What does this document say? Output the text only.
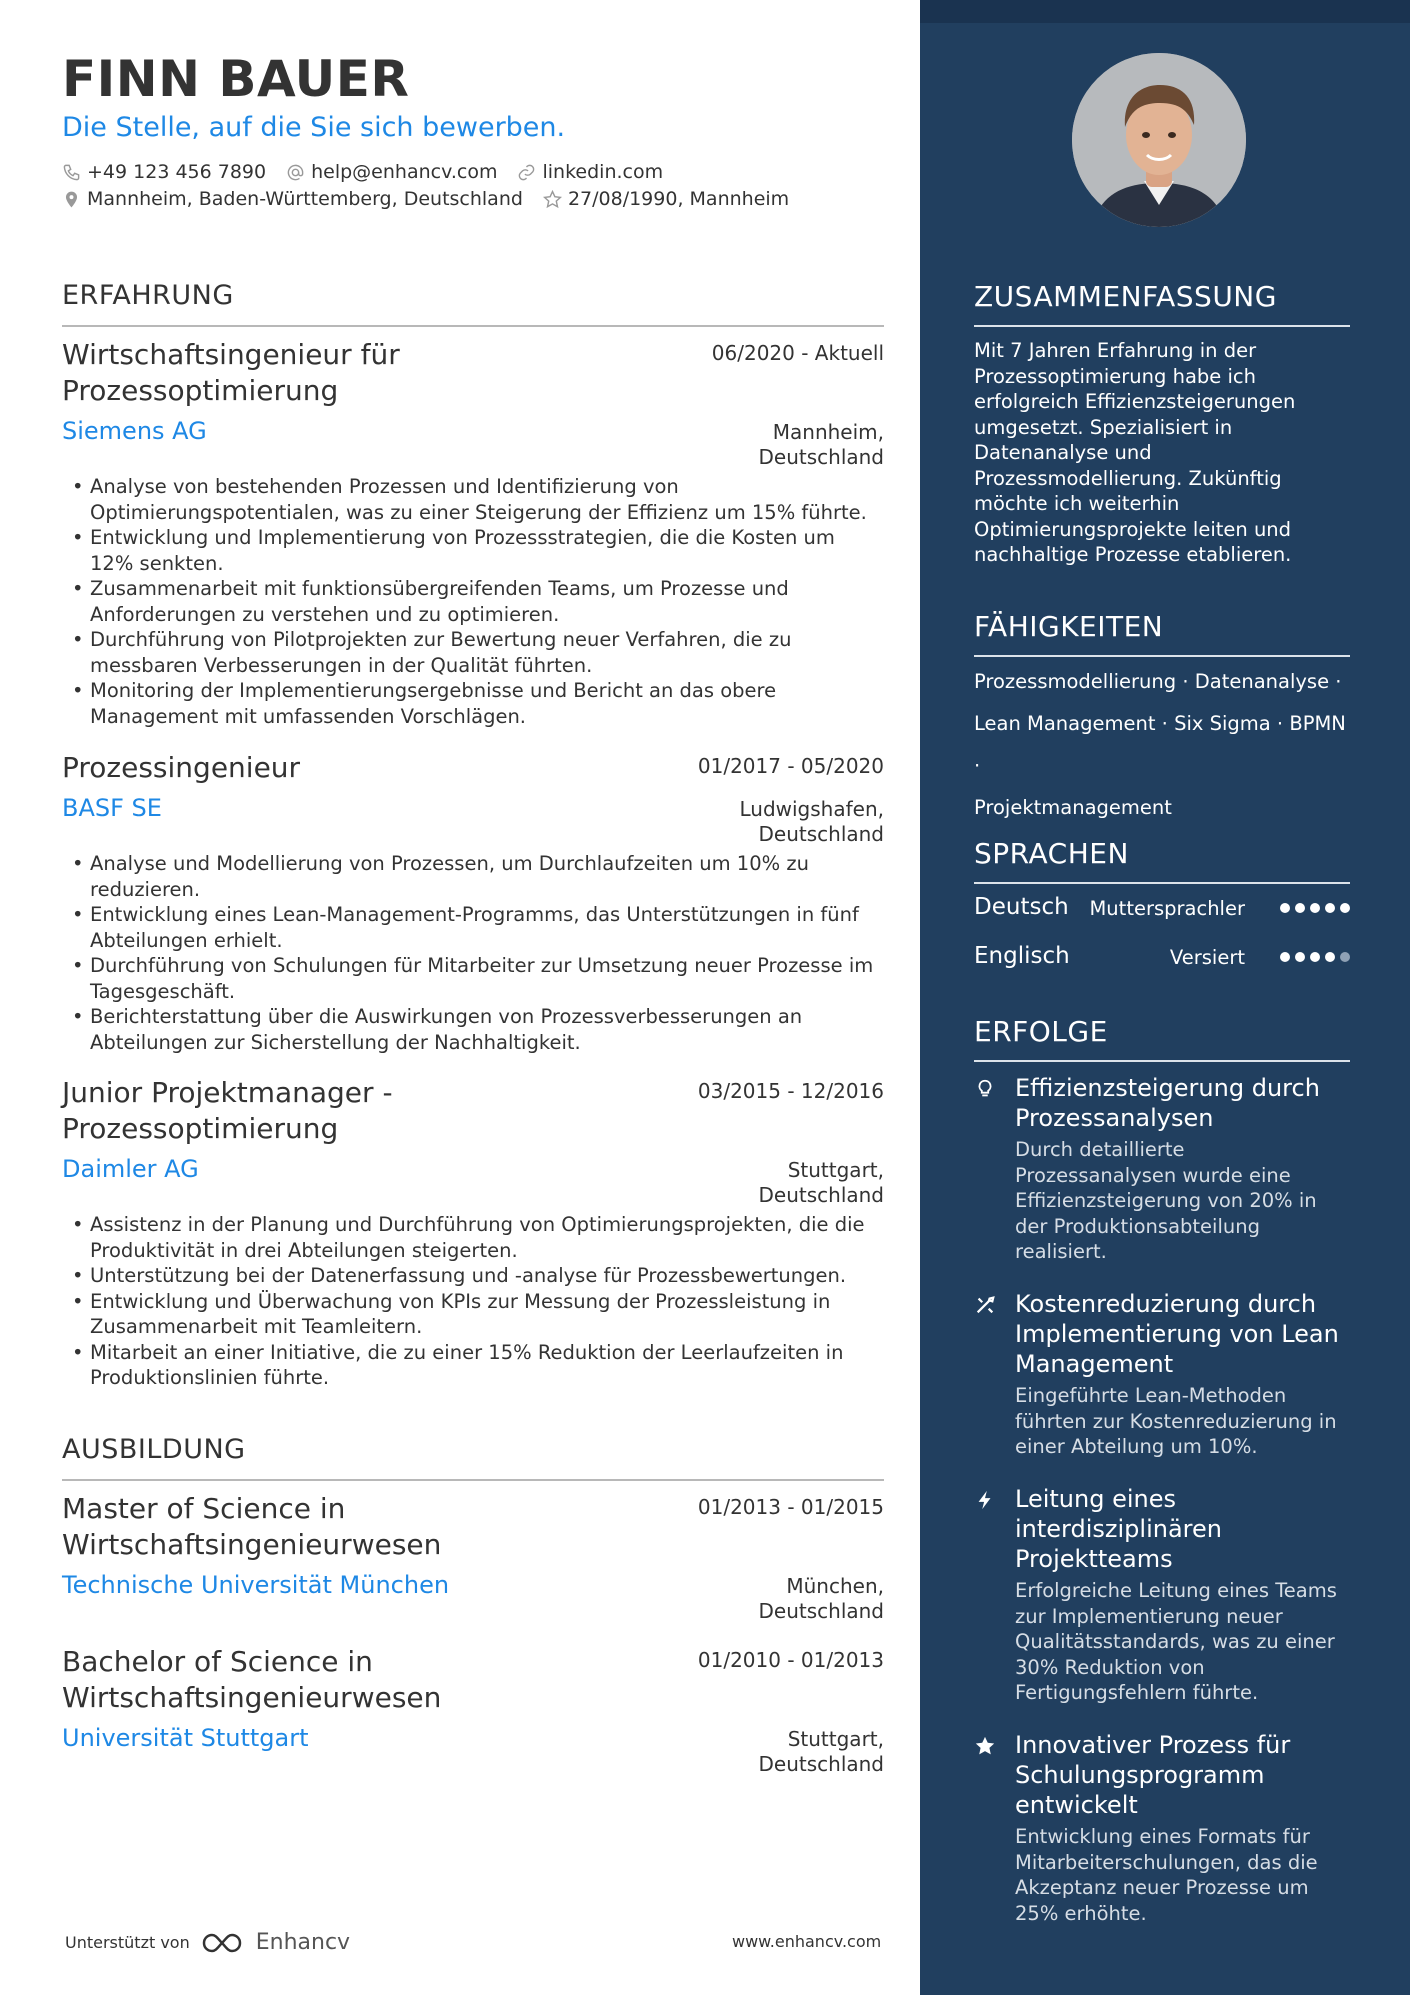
FINN BAUER
Die Stelle, auf die Sie sich bewerben.
+49 123 456 7890 help@enhancv.com linkedin.com
Mannheim, Baden-Württemberg, Deutschland 27/08/1990, Mannheim
ERFAHRUNG
Wirtschaftsingenieur für Prozessoptimierung
06/2020 - Aktuell
Siemens AG	Mannheim,
Deutschland
• Analyse von bestehenden Prozessen und Identifizierung von Optimierungspotentialen, was zu einer Steigerung der Effizienz um 15% führte.
• Entwicklung und Implementierung von Prozessstrategien, die die Kosten um 12% senkten.
• Zusammenarbeit mit funktionsübergreifenden Teams, um Prozesse und Anforderungen zu verstehen und zu optimieren.
• Durchführung von Pilotprojekten zur Bewertung neuer Verfahren, die zu messbaren Verbesserungen in der Qualität führten.
• Monitoring der Implementierungsergebnisse und Bericht an das obere Management mit umfassenden Vorschlägen.
Prozessingenieur	01/2017 - 05/2020
BASF SE	Ludwigshafen,
Deutschland
• Analyse und Modellierung von Prozessen, um Durchlaufzeiten um 10% zu reduzieren.
• Entwicklung eines Lean-Management-Programms, das Unterstützungen in fünf Abteilungen erhielt.
• Durchführung von Schulungen für Mitarbeiter zur Umsetzung neuer Prozesse im Tagesgeschäft.
• Berichterstattung über die Auswirkungen von Prozessverbesserungen an Abteilungen zur Sicherstellung der Nachhaltigkeit.
Junior Projektmanager - Prozessoptimierung
03/2015 - 12/2016
Daimler AG	Stuttgart,
Deutschland
• Assistenz in der Planung und Durchführung von Optimierungsprojekten, die die Produktivität in drei Abteilungen steigerten.
• Unterstützung bei der Datenerfassung und -analyse für Prozessbewertungen.
• Entwicklung und Überwachung von KPIs zur Messung der Prozessleistung in Zusammenarbeit mit Teamleitern.
• Mitarbeit an einer Initiative, die zu einer 15% Reduktion der Leerlaufzeiten in Produktionslinien führte.
AUSBILDUNG
Master of Science in Wirtschaftsingenieurwesen
01/2013 - 01/2015
Technische Universität München	München,
Deutschland
Bachelor of Science in Wirtschaftsingenieurwesen
01/2010 - 01/2013
Universität Stuttgart	Stuttgart,
Deutschland
Unterstützt von	Enhancv	www.enhancv.com
ZUSAMMENFASSUNG
Mit 7 Jahren Erfahrung in der Prozessoptimierung habe ich erfolgreich Effizienzsteigerungen umgesetzt. Spezialisiert in Datenanalyse und Prozessmodellierung. Zukünftig möchte ich weiterhin Optimierungsprojekte leiten und nachhaltige Prozesse etablieren.
FÄHIGKEITEN
Prozessmodellierung · Datenanalyse ·
Lean Management · Six Sigma · BPMN ·
Projektmanagement
SPRACHEN
Deutsch Muttersprachler
Englisch	Versiert
ERFOLGE
Effizienzsteigerung durch Prozessanalysen
Durch detaillierte Prozessanalysen wurde eine Effizienzsteigerung von 20% in der Produktionsabteilung realisiert.
Kostenreduzierung durch Implementierung von Lean Management
Eingeführte Lean-Methoden führten zur Kostenreduzierung in einer Abteilung um 10%.
Leitung eines interdisziplinären Projektteams
Erfolgreiche Leitung eines Teams zur Implementierung neuer Qualitätsstandards, was zu einer 30% Reduktion von Fertigungsfehlern führte.
Innovativer Prozess für Schulungsprogramm entwickelt
Entwicklung eines Formats für Mitarbeiterschulungen, das die Akzeptanz neuer Prozesse um 25% erhöhte.
